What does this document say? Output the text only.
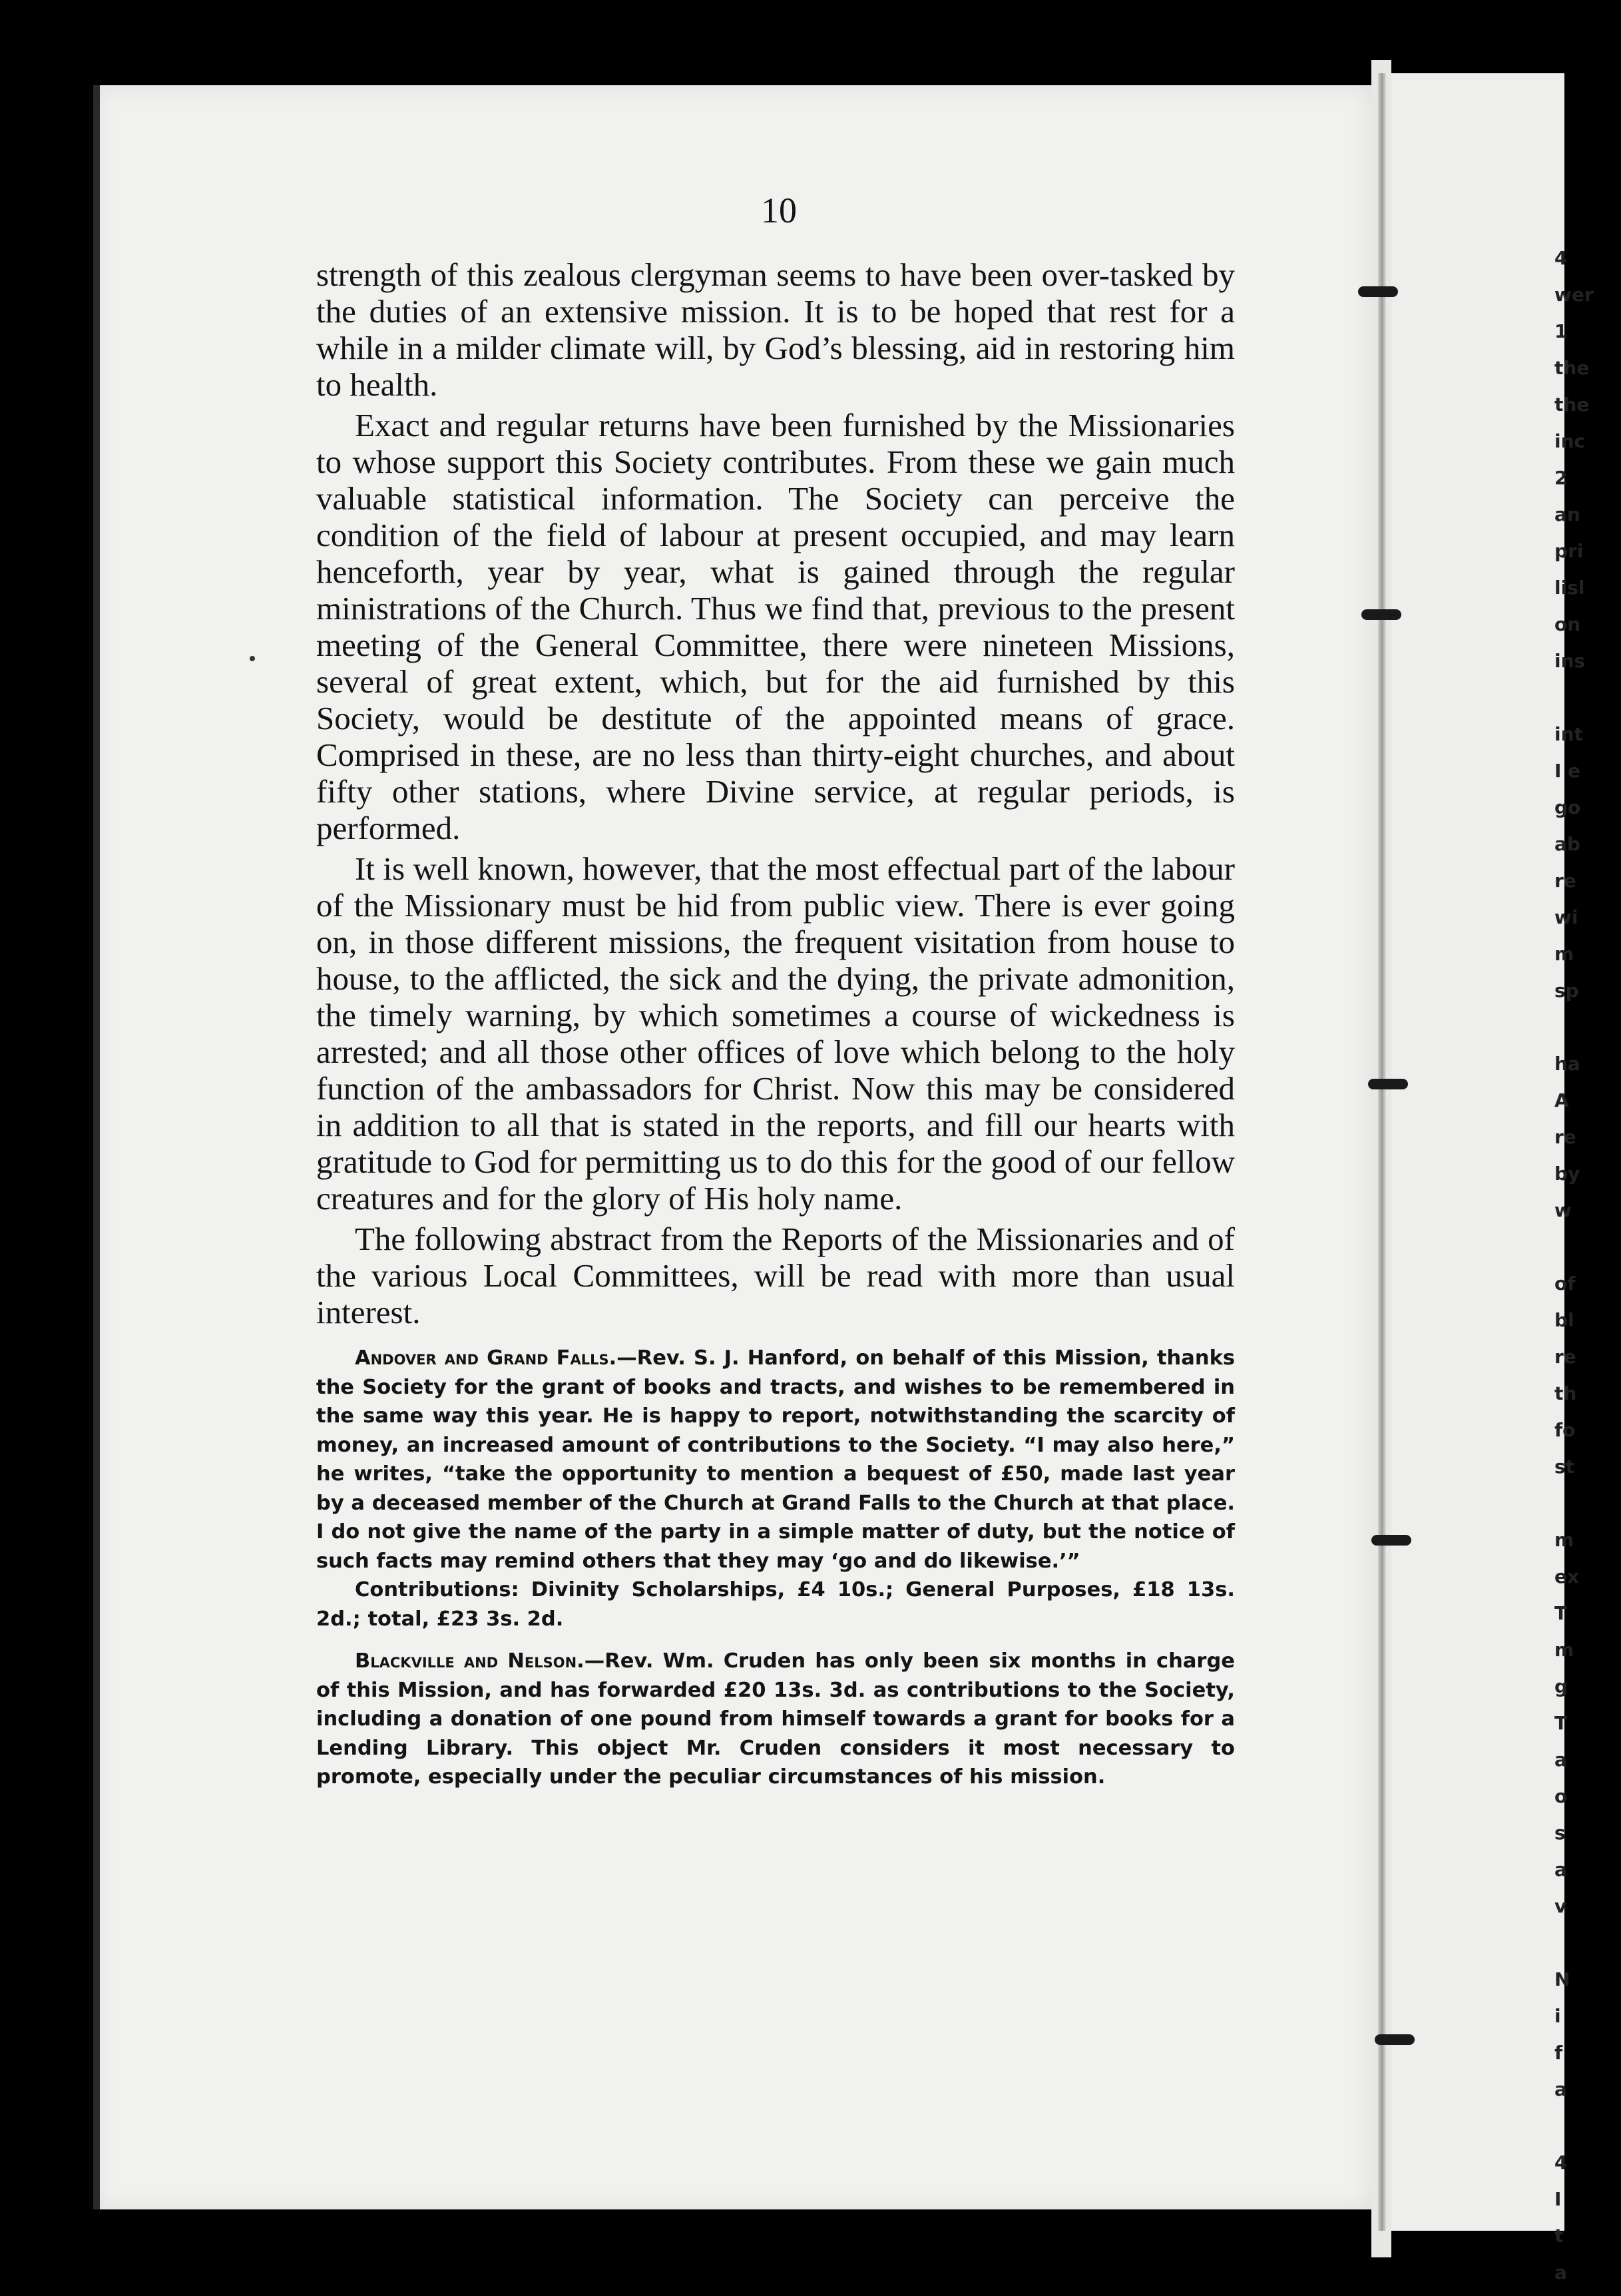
10

strength of this zealous clergyman seems to have been over-tasked by the duties of an extensive mission. It is to be hoped that rest for a while in a milder climate will, by God’s blessing, aid in restoring him to health.

Exact and regular returns have been furnished by the Missionaries to whose support this Society contributes. From these we gain much valuable statistical information. The Society can perceive the condition of the field of labour at present occupied, and may learn henceforth, year by year, what is gained through the regular ministrations of the Church. Thus we find that, previous to the present meeting of the General Committee, there were nineteen Missions, several of great extent, which, but for the aid furnished by this Society, would be destitute of the appointed means of grace. Comprised in these, are no less than thirty-eight churches, and about fifty other stations, where Divine service, at regular periods, is performed.

It is well known, however, that the most effectual part of the labour of the Missionary must be hid from public view. There is ever going on, in those different missions, the frequent visitation from house to house, to the afflicted, the sick and the dying, the private admonition, the timely warning, by which sometimes a course of wickedness is arrested; and all those other offices of love which belong to the holy function of the ambassadors for Christ. Now this may be considered in addition to all that is stated in the reports, and fill our hearts with gratitude to God for permitting us to do this for the good of our fellow creatures and for the glory of His holy name.

The following abstract from the Reports of the Missionaries and of the various Local Committees, will be read with more than usual interest.

Andover and Grand Falls.—Rev. S. J. Hanford, on behalf of this Mission, thanks the Society for the grant of books and tracts, and wishes to be remembered in the same way this year. He is happy to report, notwithstanding the scarcity of money, an increased amount of contributions to the Society. “I may also here,” he writes, “take the opportunity to mention a bequest of £50, made last year by a deceased member of the Church at Grand Falls to the Church at that place. I do not give the name of the party in a simple matter of duty, but the notice of such facts may remind others that they may ‘go and do likewise.’”

Contributions: Divinity Scholarships, £4 10s.; General Purposes, £18 13s. 2d.; total, £23 3s. 2d.

Blackville and Nelson.—Rev. Wm. Cruden has only been six months in charge of this Mission, and has forwarded £20 13s. 3d. as contributions to the Society, including a donation of one pound from himself towards a grant for books for a Lending Library. This object Mr. Cruden considers it most necessary to promote, especially under the peculiar circumstances of his mission.

4
wer
1
the
the
inc
2
an
pri
lisl
on
ins
int
I e
go
ab
re
wi
m
sp
ha
A
re
by
w
of
bl
re
th
fo
st
m
ex
T
m
g
T
a
o
s
a
v
N
i
f
a
4
I
t
a
